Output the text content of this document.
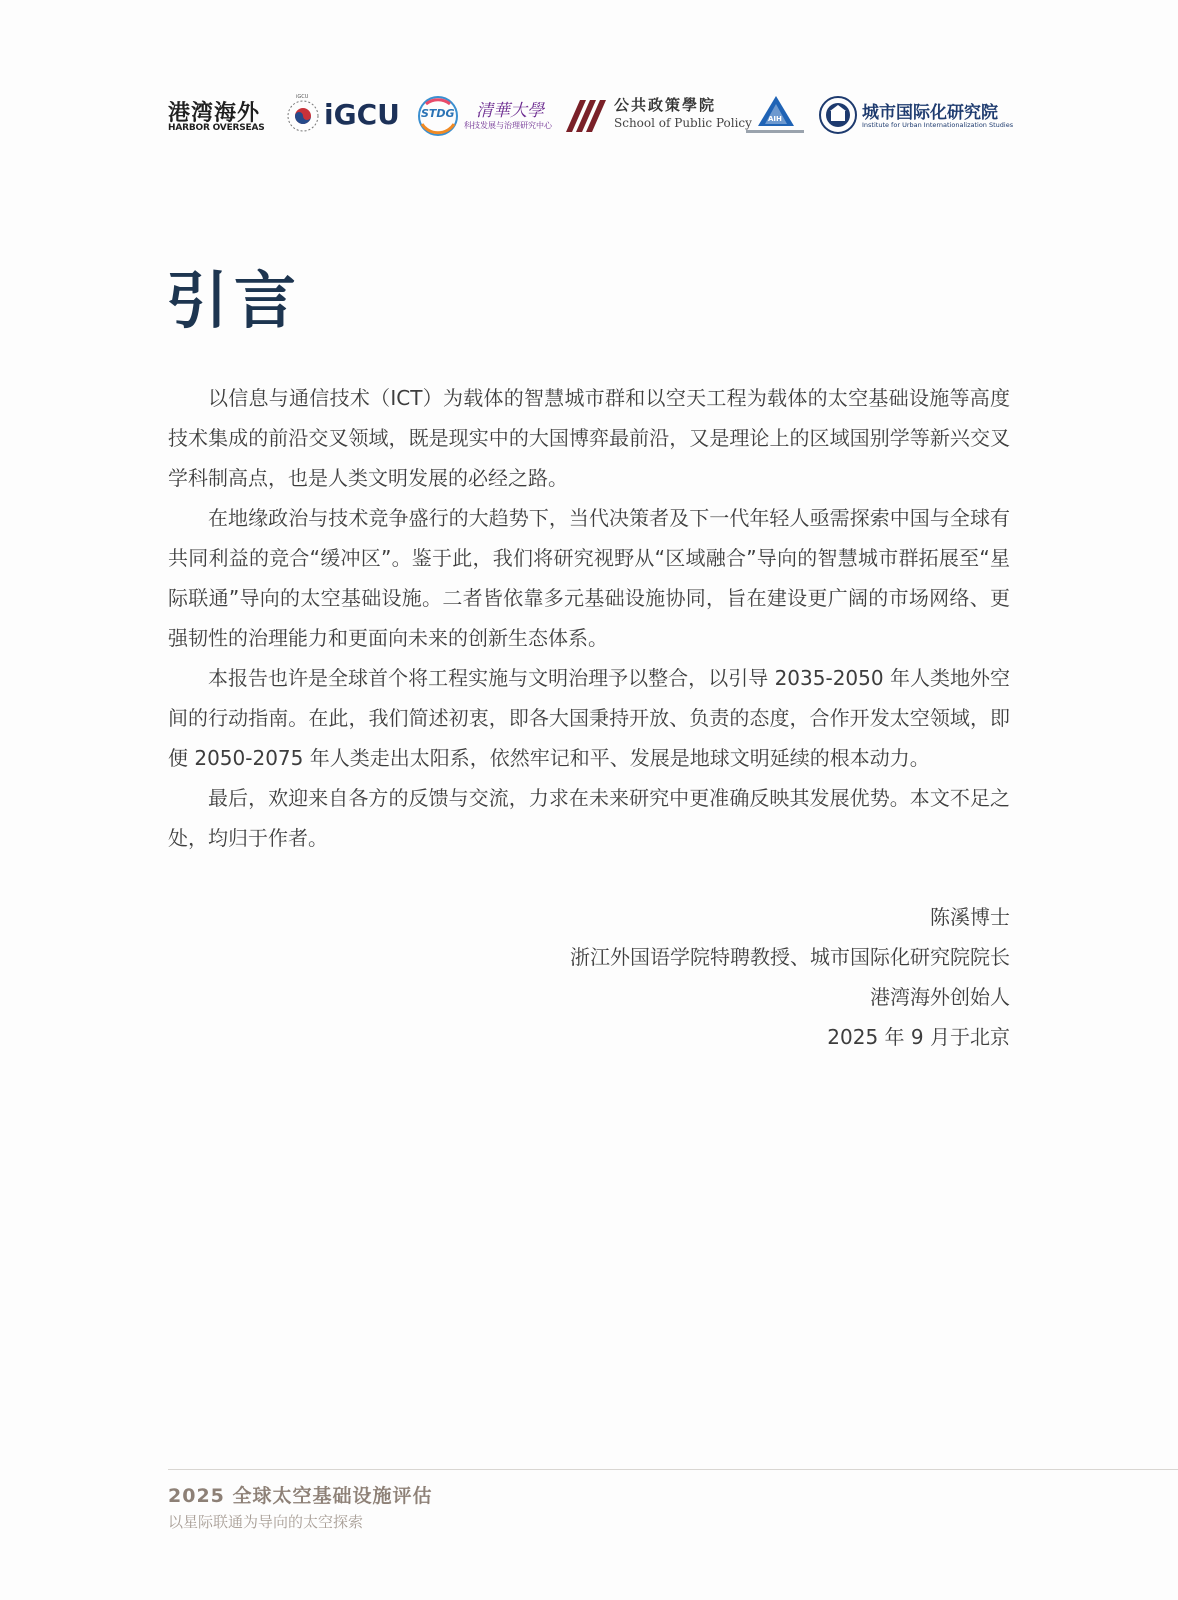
港湾海外
HARBOR OVERSEAS
iGCU
iGCU STDG 清華大學
科技发展与治理研究中心
公共政策學院
School of Public Policy AIH	城市国际化研究院
Institute for Urban Internationalization Studies
引言

以信息与通信技术（ICT）为载体的智慧城市群和以空天工程为载体的太空基础设施等高度技术集成的前沿交叉领域，既是现实中的大国博弈最前沿，又是理论上的区域国别学等新兴交叉学科制高点，也是人类文明发展的必经之路。

在地缘政治与技术竞争盛行的大趋势下，当代决策者及下一代年轻人亟需探索中国与全球有共同利益的竞合“缓冲区”。鉴于此，我们将研究视野从“区域融合”导向的智慧城市群拓展至“星际联通”导向的太空基础设施。二者皆依靠多元基础设施协同，旨在建设更广阔的市场网络、更强韧性的治理能力和更面向未来的创新生态体系。

本报告也许是全球首个将工程实施与文明治理予以整合，以引导 2035-2050 年人类地外空间的行动指南。在此，我们简述初衷，即各大国秉持开放、负责的态度，合作开发太空领域，即便 2050-2075 年人类走出太阳系，依然牢记和平、发展是地球文明延续的根本动力。

最后，欢迎来自各方的反馈与交流，力求在未来研究中更准确反映其发展优势。本文不足之处，均归于作者。

陈溪博士
浙江外国语学院特聘教授、城市国际化研究院院长
港湾海外创始人
2025 年 9 月于北京
2025 全球太空基础设施评估
以星际联通为导向的太空探索
